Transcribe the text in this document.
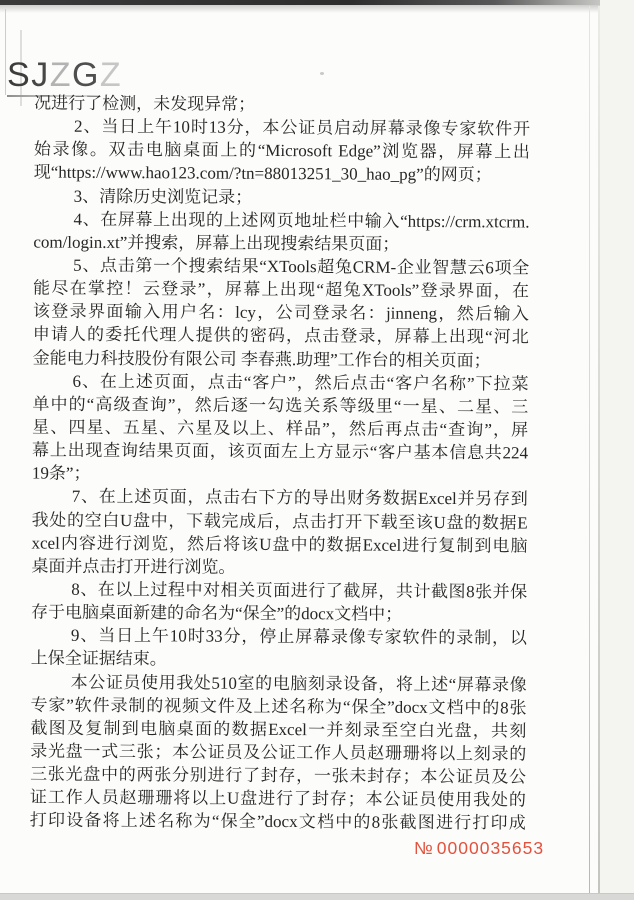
SJZGZ
况进行了检测，未发现异常；
2、当日上午10时13分，本公证员启动屏幕录像专家软件开
始录像。双击电脑桌面上的“Microsoft Edge”浏览器，屏幕上出
现“https://www.hao123.com/?tn=88013251_30_hao_pg”的网页；
3、清除历史浏览记录；
4、在屏幕上出现的上述网页地址栏中输入“https://crm.xtcrm.
com/login.xt”并搜索，屏幕上出现搜索结果页面；
5、点击第一个搜索结果“XTools超兔CRM-企业智慧云6项全
能尽在掌控！云登录”，屏幕上出现“超兔XTools”登录界面，在
该登录界面输入用户名：lcy，公司登录名：jinneng，然后输入
申请人的委托代理人提供的密码，点击登录，屏幕上出现“河北
金能电力科技股份有限公司 李春燕.助理”工作台的相关页面；
6、在上述页面，点击“客户”，然后点击“客户名称”下拉菜
单中的“高级查询”，然后逐一勾选关系等级里“一星、二星、三
星、四星、五星、六星及以上、样品”，然后再点击“查询”，屏
幕上出现查询结果页面，该页面左上方显示“客户基本信息共224
19条”；
7、在上述页面，点击右下方的导出财务数据Excel并另存到
我处的空白U盘中，下载完成后，点击打开下载至该U盘的数据E
xcel内容进行浏览，然后将该U盘中的数据Excel进行复制到电脑
桌面并点击打开进行浏览。
8、在以上过程中对相关页面进行了截屏，共计截图8张并保
存于电脑桌面新建的命名为“保全”的docx文档中；
9、当日上午10时33分，停止屏幕录像专家软件的录制，以
上保全证据结束。
本公证员使用我处510室的电脑刻录设备，将上述“屏幕录像
专家”软件录制的视频文件及上述名称为“保全”docx文档中的8张
截图及复制到电脑桌面的数据Excel一并刻录至空白光盘，共刻
录光盘一式三张；本公证员及公证工作人员赵珊珊将以上刻录的
三张光盘中的两张分别进行了封存，一张未封存；本公证员及公
证工作人员赵珊珊将以上U盘进行了封存；本公证员使用我处的
打印设备将上述名称为“保全”docx文档中的8张截图进行打印成
№ 0000035653
